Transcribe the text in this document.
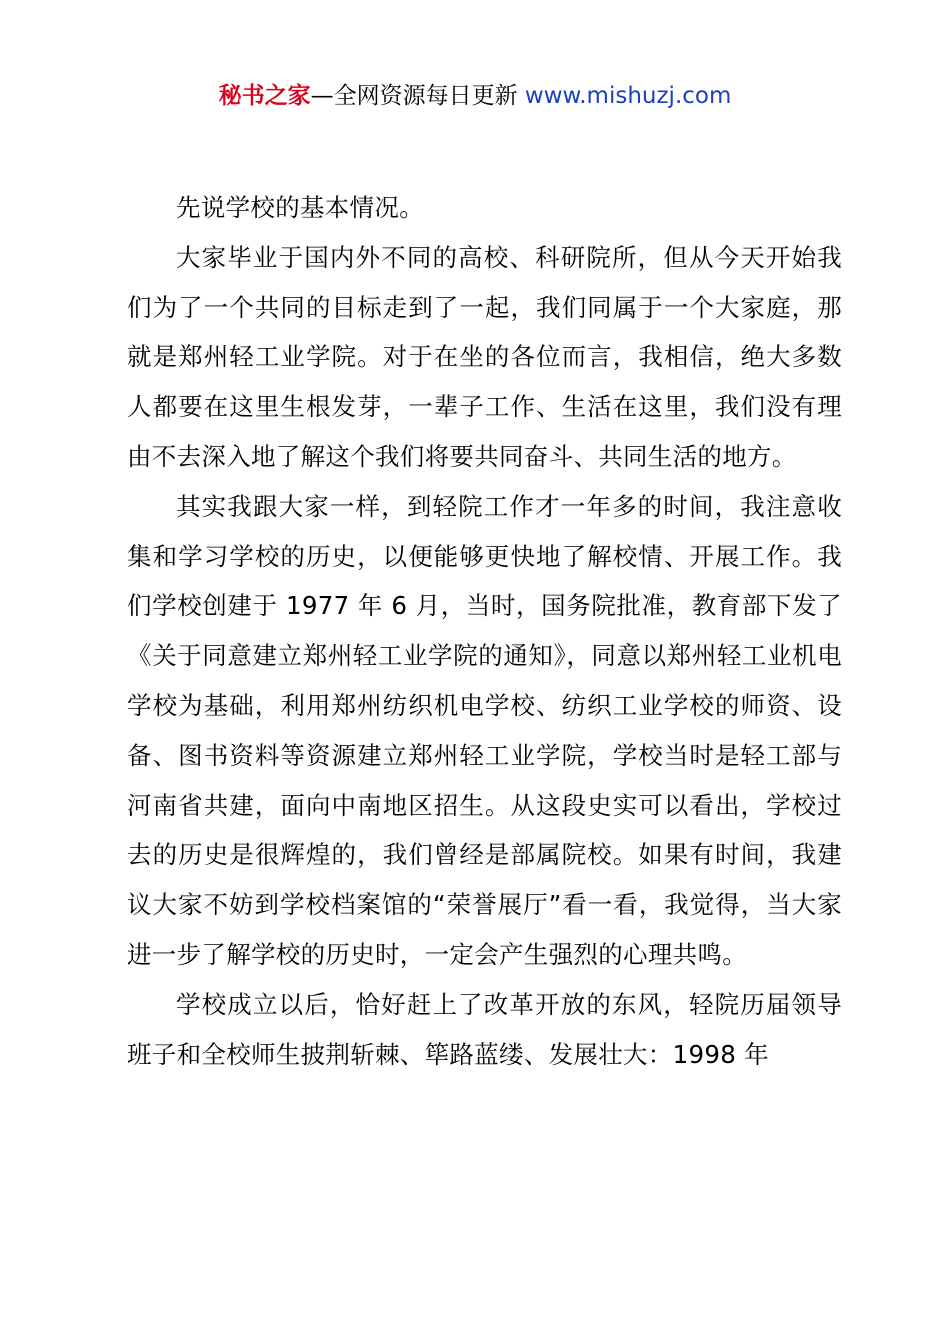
秘书之家—全网资源每日更新 www.mishuzj.com

先说学校的基本情况。

大家毕业于国内外不同的高校、科研院所，但从今天开始我们为了一个共同的目标走到了一起，我们同属于一个大家庭，那就是郑州轻工业学院。对于在坐的各位而言，我相信，绝大多数人都要在这里生根发芽，一辈子工作、生活在这里，我们没有理由不去深入地了解这个我们将要共同奋斗、共同生活的地方。

其实我跟大家一样，到轻院工作才一年多的时间，我注意收集和学习学校的历史，以便能够更快地了解校情、开展工作。我们学校创建于 1977 年 6 月，当时，国务院批准，教育部下发了《关于同意建立郑州轻工业学院的通知》，同意以郑州轻工业机电学校为基础，利用郑州纺织机电学校、纺织工业学校的师资、设备、图书资料等资源建立郑州轻工业学院，学校当时是轻工部与河南省共建，面向中南地区招生。从这段史实可以看出，学校过去的历史是很辉煌的，我们曾经是部属院校。如果有时间，我建议大家不妨到学校档案馆的“荣誉展厅”看一看，我觉得，当大家进一步了解学校的历史时，一定会产生强烈的心理共鸣。

学校成立以后，恰好赶上了改革开放的东风，轻院历届领导班子和全校师生披荆斩棘、筚路蓝缕、发展壮大：1998 年
